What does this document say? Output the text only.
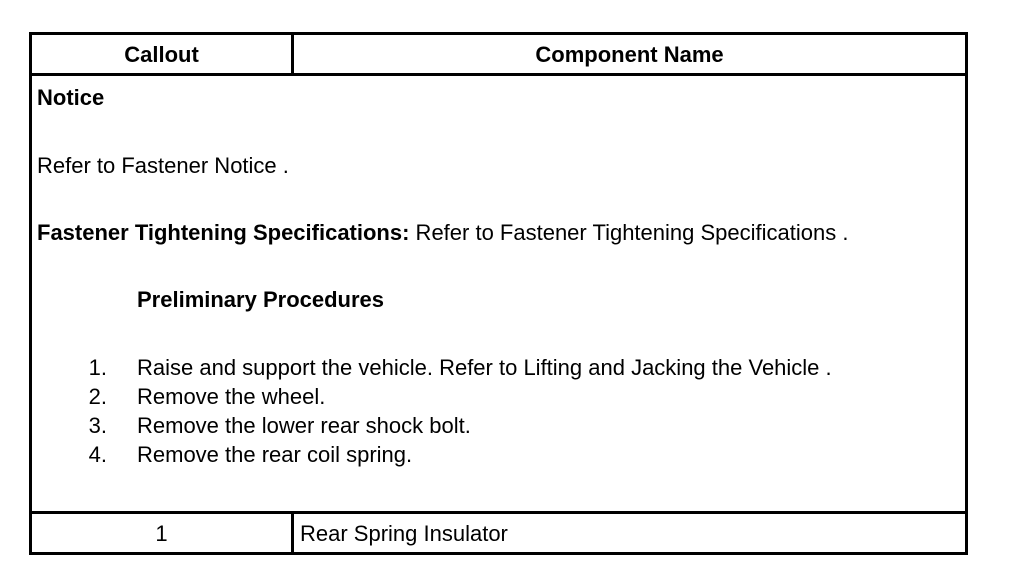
Callout	Component Name
Notice
Refer to Fastener Notice .
Fastener Tightening Specifications: Refer to Fastener Tightening Specifications .
Preliminary Procedures
1. Raise and support the vehicle. Refer to Lifting and Jacking the Vehicle .
2. Remove the wheel.
3. Remove the lower rear shock bolt.
4. Remove the rear coil spring.
1	Rear Spring Insulator
